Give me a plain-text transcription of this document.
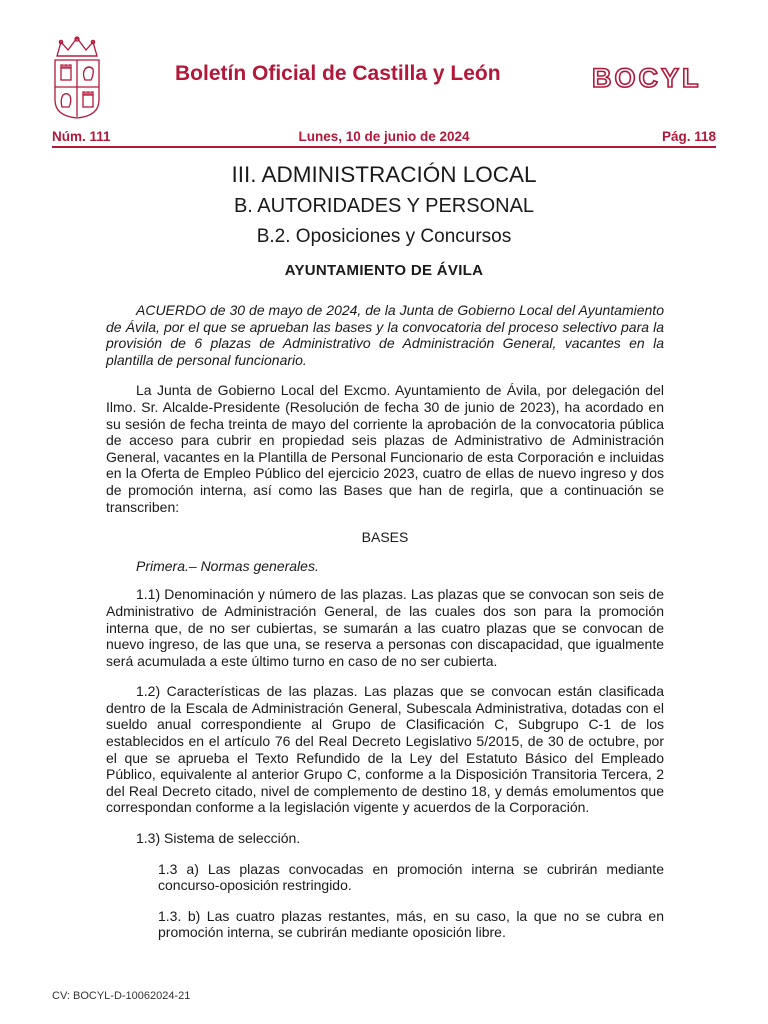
Boletín Oficial de Castilla y León	BOCYL
Núm. 111	Lunes, 10 de junio de 2024	Pág. 118
III. ADMINISTRACIÓN LOCAL
B. AUTORIDADES Y PERSONAL
B.2. Oposiciones y Concursos
AYUNTAMIENTO DE ÁVILA

ACUERDO de 30 de mayo de 2024, de la Junta de Gobierno Local del Ayuntamiento de Ávila, por el que se aprueban las bases y la convocatoria del proceso selectivo para la provisión de 6 plazas de Administrativo de Administración General, vacantes en la plantilla de personal funcionario.

La Junta de Gobierno Local del Excmo. Ayuntamiento de Ávila, por delegación del Ilmo. Sr. Alcalde-Presidente (Resolución de fecha 30 de junio de 2023), ha acordado en su sesión de fecha treinta de mayo del corriente la aprobación de la convocatoria pública de acceso para cubrir en propiedad seis plazas de Administrativo de Administración General, vacantes en la Plantilla de Personal Funcionario de esta Corporación e incluidas en la Oferta de Empleo Público del ejercicio 2023, cuatro de ellas de nuevo ingreso y dos de promoción interna, así como las Bases que han de regirla, que a continuación se transcriben:

BASES

Primera.– Normas generales.

1.1) Denominación y número de las plazas. Las plazas que se convocan son seis de Administrativo de Administración General, de las cuales dos son para la promoción interna que, de no ser cubiertas, se sumarán a las cuatro plazas que se convocan de nuevo ingreso, de las que una, se reserva a personas con discapacidad, que igualmente será acumulada a este último turno en caso de no ser cubierta.

1.2) Características de las plazas. Las plazas que se convocan están clasificada dentro de la Escala de Administración General, Subescala Administrativa, dotadas con el sueldo anual correspondiente al Grupo de Clasificación C, Subgrupo C-1 de los establecidos en el artículo 76 del Real Decreto Legislativo 5/2015, de 30 de octubre, por el que se aprueba el Texto Refundido de la Ley del Estatuto Básico del Empleado Público, equivalente al anterior Grupo C, conforme a la Disposición Transitoria Tercera, 2 del Real Decreto citado, nivel de complemento de destino 18, y demás emolumentos que correspondan conforme a la legislación vigente y acuerdos de la Corporación.

1.3) Sistema de selección.

1.3 a) Las plazas convocadas en promoción interna se cubrirán mediante concurso-oposición restringido.

1.3. b) Las cuatro plazas restantes, más, en su caso, la que no se cubra en promoción interna, se cubrirán mediante oposición libre.

CV: BOCYL-D-10062024-21
